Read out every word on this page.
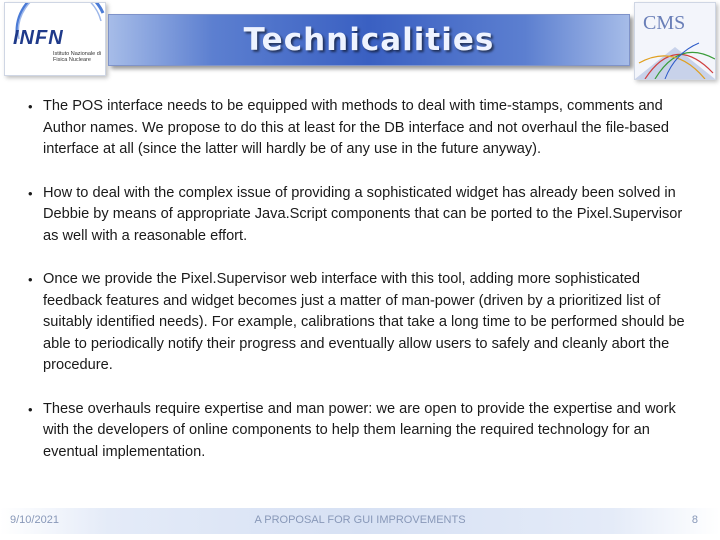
INFN
Istituto Nazionale di Fisica Nucleare
Technicalities	CMS
• The POS interface needs to be equipped with methods to deal with time-stamps, comments and Author names. We propose to do this at least for the DB interface and not overhaul the file-based interface at all (since the latter will hardly be of any use in the future anyway).
• How to deal with the complex issue of providing a sophisticated widget has already been solved in Debbie by means of appropriate Java.Script components that can be ported to the Pixel.Supervisor as well with a reasonable effort.
• Once we provide the Pixel.Supervisor web interface with this tool, adding more sophisticated feedback features and widget becomes just a matter of man-power (driven by a prioritized list of suitably identified needs). For example, calibrations that take a long time to be performed should be able to periodically notify their progress and eventually allow users to safely and cleanly abort the procedure.
• These overhauls require expertise and man power: we are open to provide the expertise and work with the developers of online components to help them learning the required technology for an eventual implementation.
9/10/2021	A PROPOSAL FOR GUI IMPROVEMENTS	8
